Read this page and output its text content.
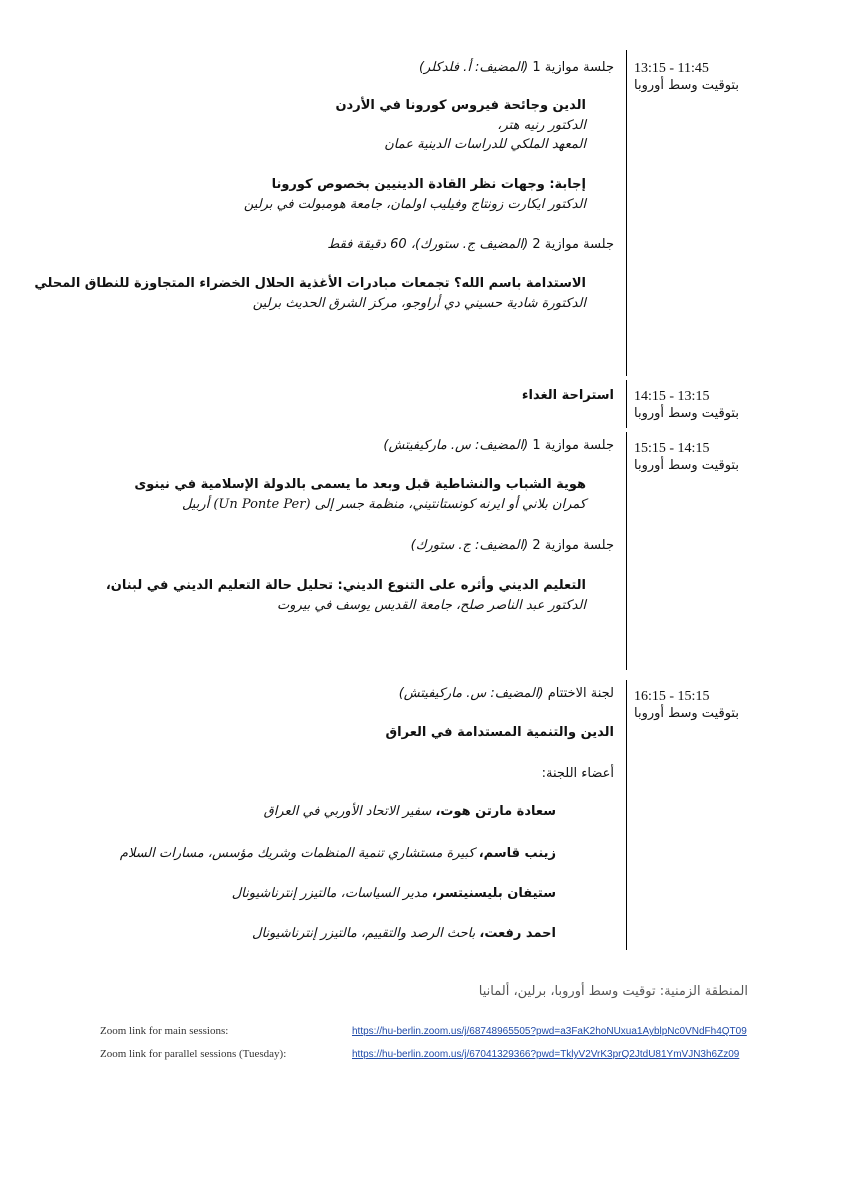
13:15 - 11:45
بتوقيت وسط أوروبا
جلسة موازية 1 (المضيف: أ. فلدكلر)
الدين وجائحة فيروس كورونا في الأردن
الدكتور رنيه هتر،
المعهد الملكي للدراسات الدينية عمان
إجابة: وجهات نظر القادة الدينيين بخصوص كورونا
الدكتور ايكارت زونتاج وفيليب اولمان، جامعة هومبولت في برلين
جلسة موازية 2 (المضيف ج. ستورك)، 60 دقيقة فقط
الاستدامة باسم الله؟ تجمعات مبادرات الأغذية الحلال الخضراء المتجاوزة للنطاق المحلي
الدكتورة شادية حسيني دي أراوجو، مركز الشرق الحديث برلين
14:15 - 13:15
بتوقيت وسط أوروبا
استراحة الغداء
15:15 - 14:15
بتوقيت وسط أوروبا
جلسة موازية 1 (المضيف: س. ماركيفيتش)
هوية الشباب والنشاطية قبل وبعد ما يسمى بالدولة الإسلامية في نينوى
كمران بلاني أو ايرنه كونستانتيني، منظمة جسر إلى (Un Ponte Per) أربيل
جلسة موازية 2 (المضيف: ج. ستورك)
التعليم الديني وأثره على التنوع الديني: تحليل حالة التعليم الديني في لبنان،
الدكتور عبد الناصر صلح، جامعة القديس يوسف في بيروت
16:15 - 15:15
بتوقيت وسط أوروبا
لجنة الاختتام (المضيف: س. ماركيفيتش)
الدين والتنمية المستدامة في العراق
أعضاء اللجنة:
سعادة مارتن هوت، سفير الاتحاد الأوربي في العراق
زينب قاسم، كبيرة مستشاري تنمية المنظمات وشريك مؤسس، مسارات السلام
ستيفان بليسنيتسر، مدير السياسات، مالتيزر إنترناشيونال
احمد رفعت، باحث الرصد والتقييم، مالتيزر إنترناشيونال
المنطقة الزمنية: توقيت وسط أوروبا، برلين، ألمانيا
Zoom link for main sessions:	https://hu-berlin.zoom.us/j/68748965505?pwd=a3FaK2hoNUxua1AyblpNc0VNdFh4QT09
Zoom link for parallel sessions (Tuesday):	https://hu-berlin.zoom.us/j/67041329366?pwd=TklyV2VrK3prQ2JtdU81YmVJN3h6Zz09
